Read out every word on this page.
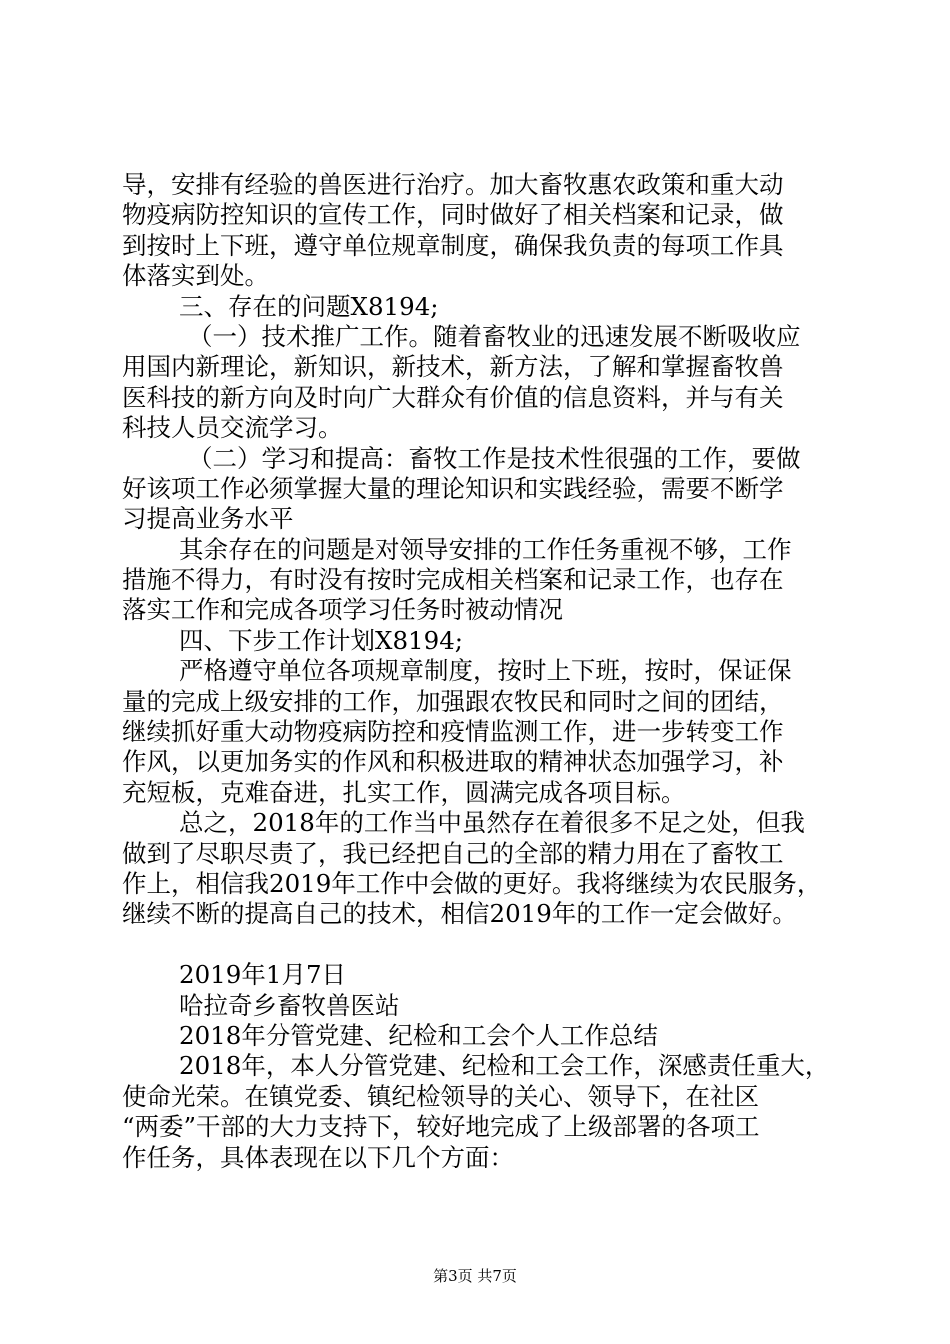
导，安排有经验的兽医进行治疗。加大畜牧惠农政策和重大动
物疫病防控知识的宣传工作，同时做好了相关档案和记录，做
到按时上下班，遵守单位规章制度，确保我负责的每项工作具
体落实到处。
三、存在的问题X8194;
（一）技术推广工作。随着畜牧业的迅速发展不断吸收应
用国内新理论，新知识，新技术，新方法，了解和掌握畜牧兽
医科技的新方向及时向广大群众有价值的信息资料，并与有关
科技人员交流学习。
（二）学习和提高：畜牧工作是技术性很强的工作，要做
好该项工作必须掌握大量的理论知识和实践经验，需要不断学
习提高业务水平
其余存在的问题是对领导安排的工作任务重视不够，工作
措施不得力，有时没有按时完成相关档案和记录工作，也存在
落实工作和完成各项学习任务时被动情况
四、下步工作计划X8194;
严格遵守单位各项规章制度，按时上下班，按时，保证保
量的完成上级安排的工作，加强跟农牧民和同时之间的团结，
继续抓好重大动物疫病防控和疫情监测工作，进一步转变工作
作风，以更加务实的作风和积极进取的精神状态加强学习，补
充短板，克难奋进，扎实工作，圆满完成各项目标。
总之，2018年的工作当中虽然存在着很多不足之处，但我
做到了尽职尽责了，我已经把自己的全部的精力用在了畜牧工
作上，相信我2019年工作中会做的更好。我将继续为农民服务，
继续不断的提高自己的技术，相信2019年的工作一定会做好。
2019年1月7日
哈拉奇乡畜牧兽医站
2018年分管党建、纪检和工会个人工作总结
2018年，本人分管党建、纪检和工会工作，深感责任重大，
使命光荣。在镇党委、镇纪检领导的关心、领导下，在社区
“两委”干部的大力支持下，较好地完成了上级部署的各项工
作任务，具体表现在以下几个方面：
第3页 共7页
